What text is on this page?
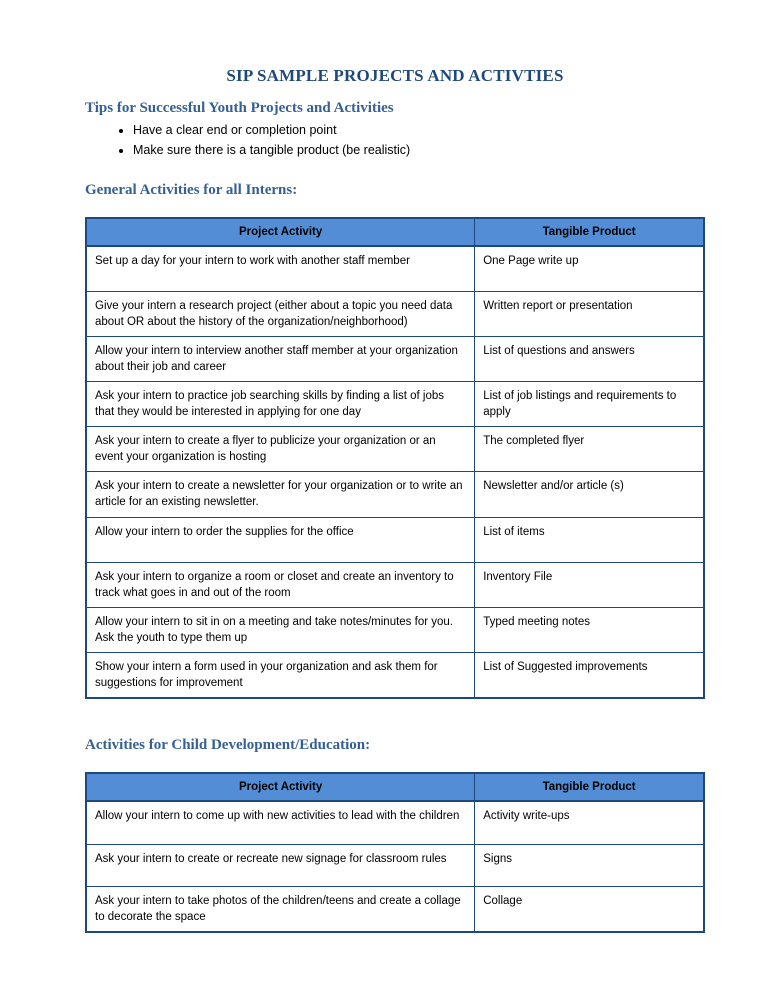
SIP SAMPLE PROJECTS AND ACTIVTIES
Tips for Successful Youth Projects and Activities
• Have a clear end or completion point
• Make sure there is a tangible product (be realistic)
General Activities for all Interns:
Project Activity	Tangible Product
Set up a day for your intern to work with another staff member	One Page write up
Give your intern a research project (either about a topic you need data about OR about the history of the organization/neighborhood)	Written report or presentation
Allow your intern to interview another staff member at your organization about their job and career	List of questions and answers
Ask your intern to practice job searching skills by finding a list of jobs that they would be interested in applying for one day	List of job listings and requirements to apply
Ask your intern to create a flyer to publicize your organization or an event your organization is hosting	The completed flyer
Ask your intern to create a newsletter for your organization or to write an article for an existing newsletter.	Newsletter and/or article (s)
Allow your intern to order the supplies for the office	List of items
Ask your intern to organize a room or closet and create an inventory to track what goes in and out of the room	Inventory File
Allow your intern to sit in on a meeting and take notes/minutes for you. Ask the youth to type them up	Typed meeting notes
Show your intern a form used in your organization and ask them for suggestions for improvement	List of Suggested improvements
Activities for Child Development/Education:
Project Activity	Tangible Product
Allow your intern to come up with new activities to lead with the children	Activity write-ups
Ask your intern to create or recreate new signage for classroom rules	Signs
Ask your intern to take photos of the children/teens and create a collage to decorate the space	Collage
